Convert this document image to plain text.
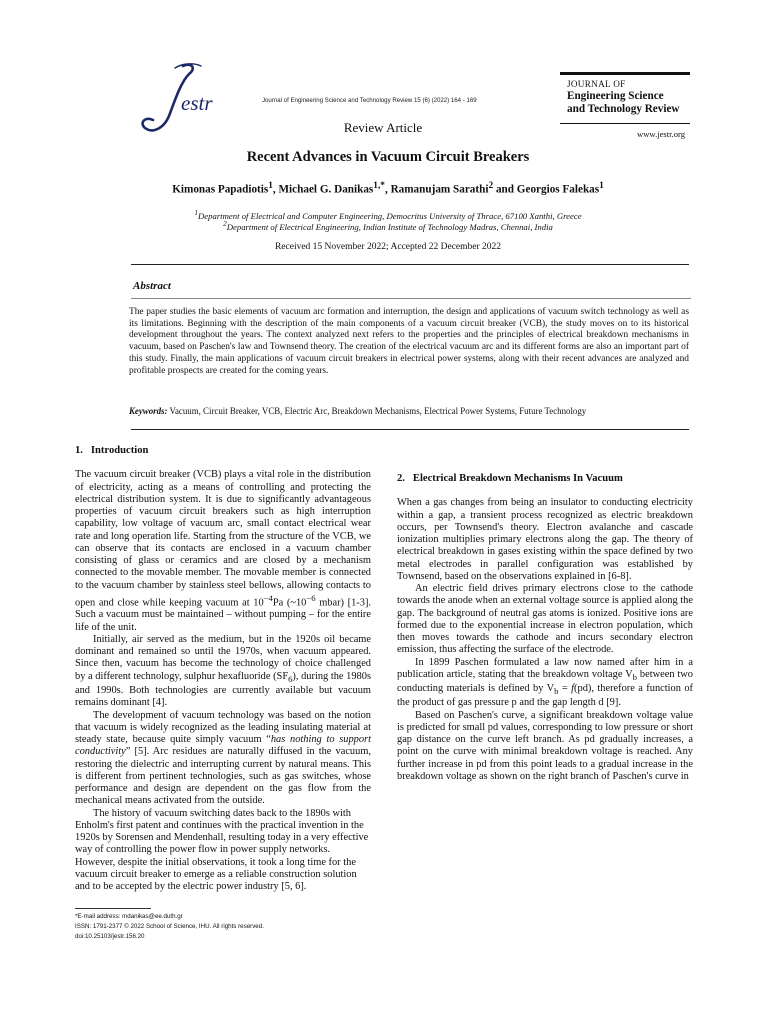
estr	Journal of Engineering Science and Technology Review 15 (6) (2022) 164 - 169
JOURNAL OF
Engineering Science
and Technology Review
www.jestr.org
Review Article
Recent Advances in Vacuum Circuit Breakers
Kimonas Papadiotis$^1$, Michael G. Danikas$^{1,*}$, Ramanujam Sarathi$^2$ and Georgios Falekas$^1$
$^1$Department of Electrical and Computer Engineering, Democritus University of Thrace, 67100 Xanthi, Greece
$^2$Department of Electrical Engineering, Indian Institute of Technology Madras, Chennai, India
Received 15 November 2022; Accepted 22 December 2022
Abstract
The paper studies the basic elements of vacuum arc formation and interruption, the design and applications of vacuum switch technology as well as its limitations. Beginning with the description of the main components of a vacuum circuit breaker (VCB), the study moves on to its historical development throughout the years. The context analyzed next refers to the properties and the principles of electrical breakdown mechanisms in vacuum, based on Paschen's law and Townsend theory. The creation of the electrical vacuum arc and its different forms are also an important part of this study. Finally, the main applications of vacuum circuit breakers in electrical power systems, along with their recent advances are analyzed and profitable prospects are created for the coming years.
Keywords: Vacuum, Circuit Breaker, VCB, Electric Arc, Breakdown Mechanisms, Electrical Power Systems, Future Technology
1.   Introduction

The vacuum circuit breaker (VCB) plays a vital role in the distribution of electricity, acting as a means of controlling and protecting the electrical distribution system. It is due to significantly advantageous properties of vacuum circuit breakers such as high interruption capability, low voltage of vacuum arc, small contact electrical wear rate and long operation life. Starting from the structure of the VCB, we can observe that its contacts are enclosed in a vacuum chamber consisting of glass or ceramics and are closed by a mechanism connected to the movable member. The movable member is connected to the vacuum chamber by stainless steel bellows, allowing contacts to open and close while keeping vacuum at $10^{-4}Pa$ ($\sim 10^{-6}$ mbar) [1-3]. Such a vacuum must be maintained – without pumping – for the entire life of the unit.

Initially, air served as the medium, but in the 1920s oil became dominant and remained so until the 1970s, when vacuum appeared. Since then, vacuum has become the technology of choice challenged by a different technology, sulphur hexafluoride $(SF_6)$, during the 1980s and 1990s. Both technologies are currently available but vacuum remains dominant [4].

The development of vacuum technology was based on the notion that vacuum is widely recognized as the leading insulating material at steady state, because quite simply vacuum “has nothing to support conductivity” [5]. Arc residues are naturally diffused in the vacuum, restoring the dielectric and interrupting current by natural means. This is different from pertinent technologies, such as gas switches, whose performance and design are dependent on the gas flow from the mechanical means activated from the outside.

The history of vacuum switching dates back to the 1890s with Enholm's first patent and continues with the practical invention in the 1920s by Sorensen and Mendenhall, resulting today in a very effective way of controlling the power flow in power supply networks. However, despite the initial observations, it took a long time for the vacuum circuit breaker to emerge as a reliable construction solution and to be accepted by the electric power industry [5, 6].

2.   Electrical Breakdown Mechanisms In Vacuum

When a gas changes from being an insulator to conducting electricity within a gap, a transient process recognized as electric breakdown occurs, per Townsend's theory. Electron avalanche and cascade ionization multiplies primary electrons along the gap. The theory of electrical breakdown in gases existing within the space defined by two metal electrodes in parallel configuration was established by Townsend, based on the observations explained in [6-8].

An electric field drives primary electrons close to the cathode towards the anode when an external voltage source is applied along the gap. The background of neutral gas atoms is ionized. Positive ions are formed due to the exponential increase in electron population, which then moves towards the cathode and incurs secondary electron emission, thus affecting the surface of the electrode.

In 1899 Paschen formulated a law now named after him in a publication article, stating that the breakdown voltage $V_b$ between two conducting materials is defined by $V_b = f(pd)$, therefore a function of the product of gas pressure p and the gap length d [9].

Based on Paschen's curve, a significant breakdown voltage value is predicted for small pd values, corresponding to low pressure or short gap distance on the curve left branch. As pd gradually increases, a point on the curve with minimal breakdown voltage is reached. Any further increase in pd from this point leads to a gradual increase in the breakdown voltage as shown on the right branch of Paschen's curve in

*E-mail address: mdanikas@ee.duth.gr
ISSN: 1791-2377 © 2022 School of Science, IHU. All rights reserved.
doi:10.25103/jestr.156.20
